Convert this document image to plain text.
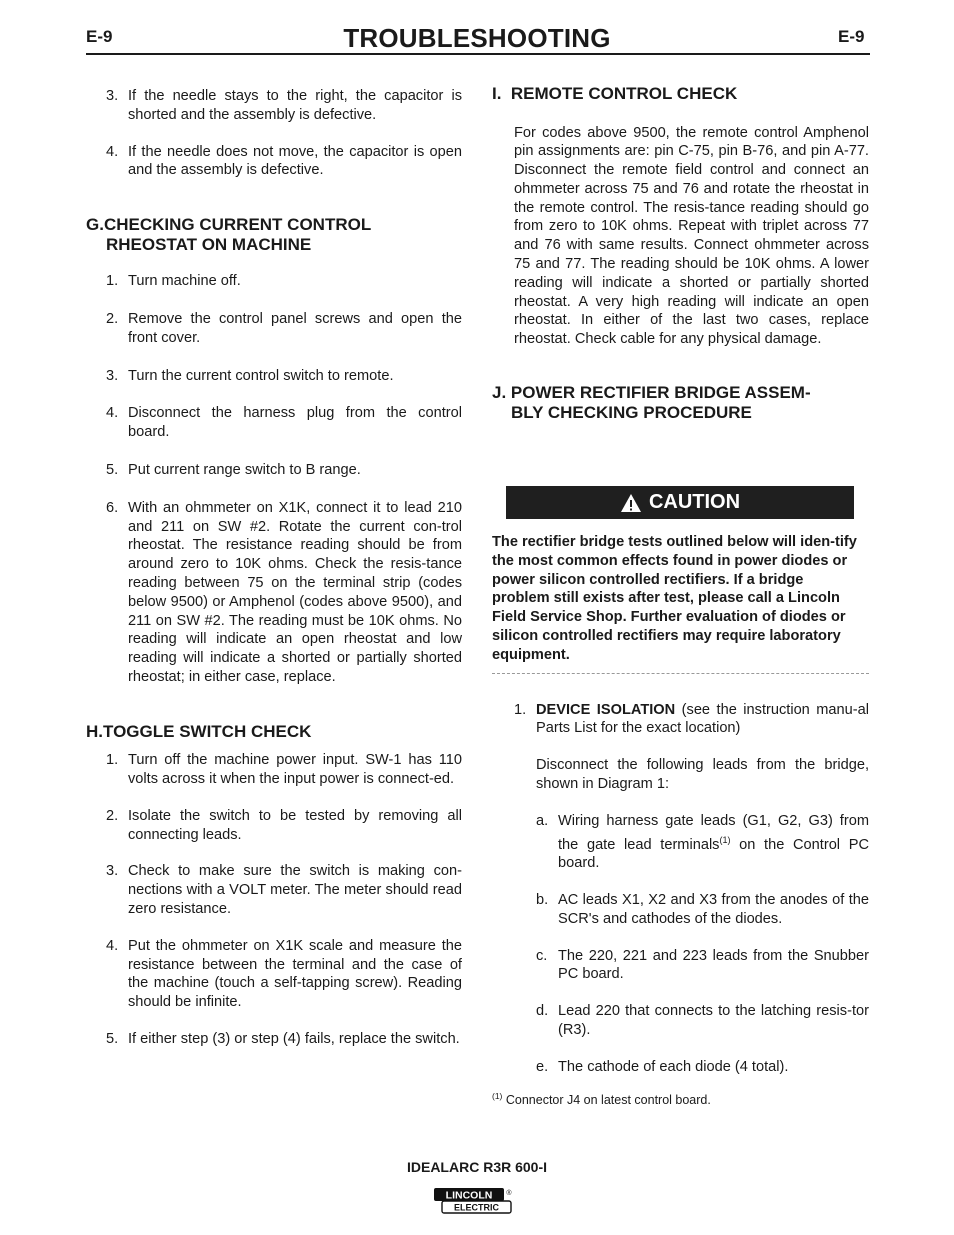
E-9	TROUBLESHOOTING	E-9
3. If the needle stays to the right, the capacitor is shorted and the assembly is defective.
4. If the needle does not move, the capacitor is open and the assembly is defective.
G.CHECKING CURRENT CONTROL
RHEOSTAT ON MACHINE
1. Turn machine off.
2. Remove the control panel screws and open the front cover.
3. Turn the current control switch to remote.
4. Disconnect the harness plug from the control board.
5. Put current range switch to B range.
6. With an ohmmeter on X1K, connect it to lead 210 and 211 on SW #2. Rotate the current con-trol rheostat. The resistance reading should be from around zero to 10K ohms. Check the resis-tance reading between 75 on the terminal strip (codes below 9500) or Amphenol (codes above 9500), and 211 on SW #2. The reading must be 10K ohms. No reading will indicate an open rheostat and low reading will indicate a shorted or partially shorted rheostat; in either case, replace.
H.TOGGLE SWITCH CHECK
1. Turn off the machine power input. SW-1 has 110 volts across it when the input power is connect-ed.
2. Isolate the switch to be tested by removing all connecting leads.
3. Check to make sure the switch is making con-nections with a VOLT meter. The meter should read zero resistance.
4. Put the ohmmeter on X1K scale and measure the resistance between the terminal and the case of the machine (touch a self-tapping screw). Reading should be infinite.
5. If either step (3) or step (4) fails, replace the switch.
I.  REMOTE CONTROL CHECK
For codes above 9500, the remote control Amphenol pin assignments are: pin C-75, pin B-76, and pin A-77. Disconnect the remote field control and connect an ohmmeter across 75 and 76 and rotate the rheostat in the remote control. The resis-tance reading should go from zero to 10K ohms. Repeat with triplet across 77 and 76 with same results. Connect ohmmeter across 75 and 77. The reading should be 10K ohms. A lower reading will indicate a shorted or partially shorted rheostat. A very high reading will indicate an open rheostat. In either of the last two cases, replace rheostat. Check cable for any physical damage.
J. POWER RECTIFIER BRIDGE ASSEM-
BLY CHECKING PROCEDURE
CAUTION
The rectifier bridge tests outlined below will iden-tify the most common effects found in power diodes or power silicon controlled rectifiers. If a bridge problem still exists after test, please call a Lincoln Field Service Shop. Further evaluation of diodes or silicon controlled rectifiers may require laboratory equipment.
1. DEVICE ISOLATION (see the instruction manu-al Parts List for the exact location)
Disconnect the following leads from the bridge, shown in Diagram 1:
a. Wiring harness gate leads (G1, G2, G3) from the gate lead terminals$^{(1)}$ on the Control PC board.
b. AC leads X1, X2 and X3 from the anodes of the SCR's and cathodes of the diodes.
c. The 220, 221 and 223 leads from the Snubber PC board.
d. Lead 220 that connects to the latching resis-tor (R3).
e. The cathode of each diode (4 total).
$^{(1)}$ Connector J4 on latest control board.
IDEALARC R3R 600-I
LINCOLN ®
ELECTRIC
